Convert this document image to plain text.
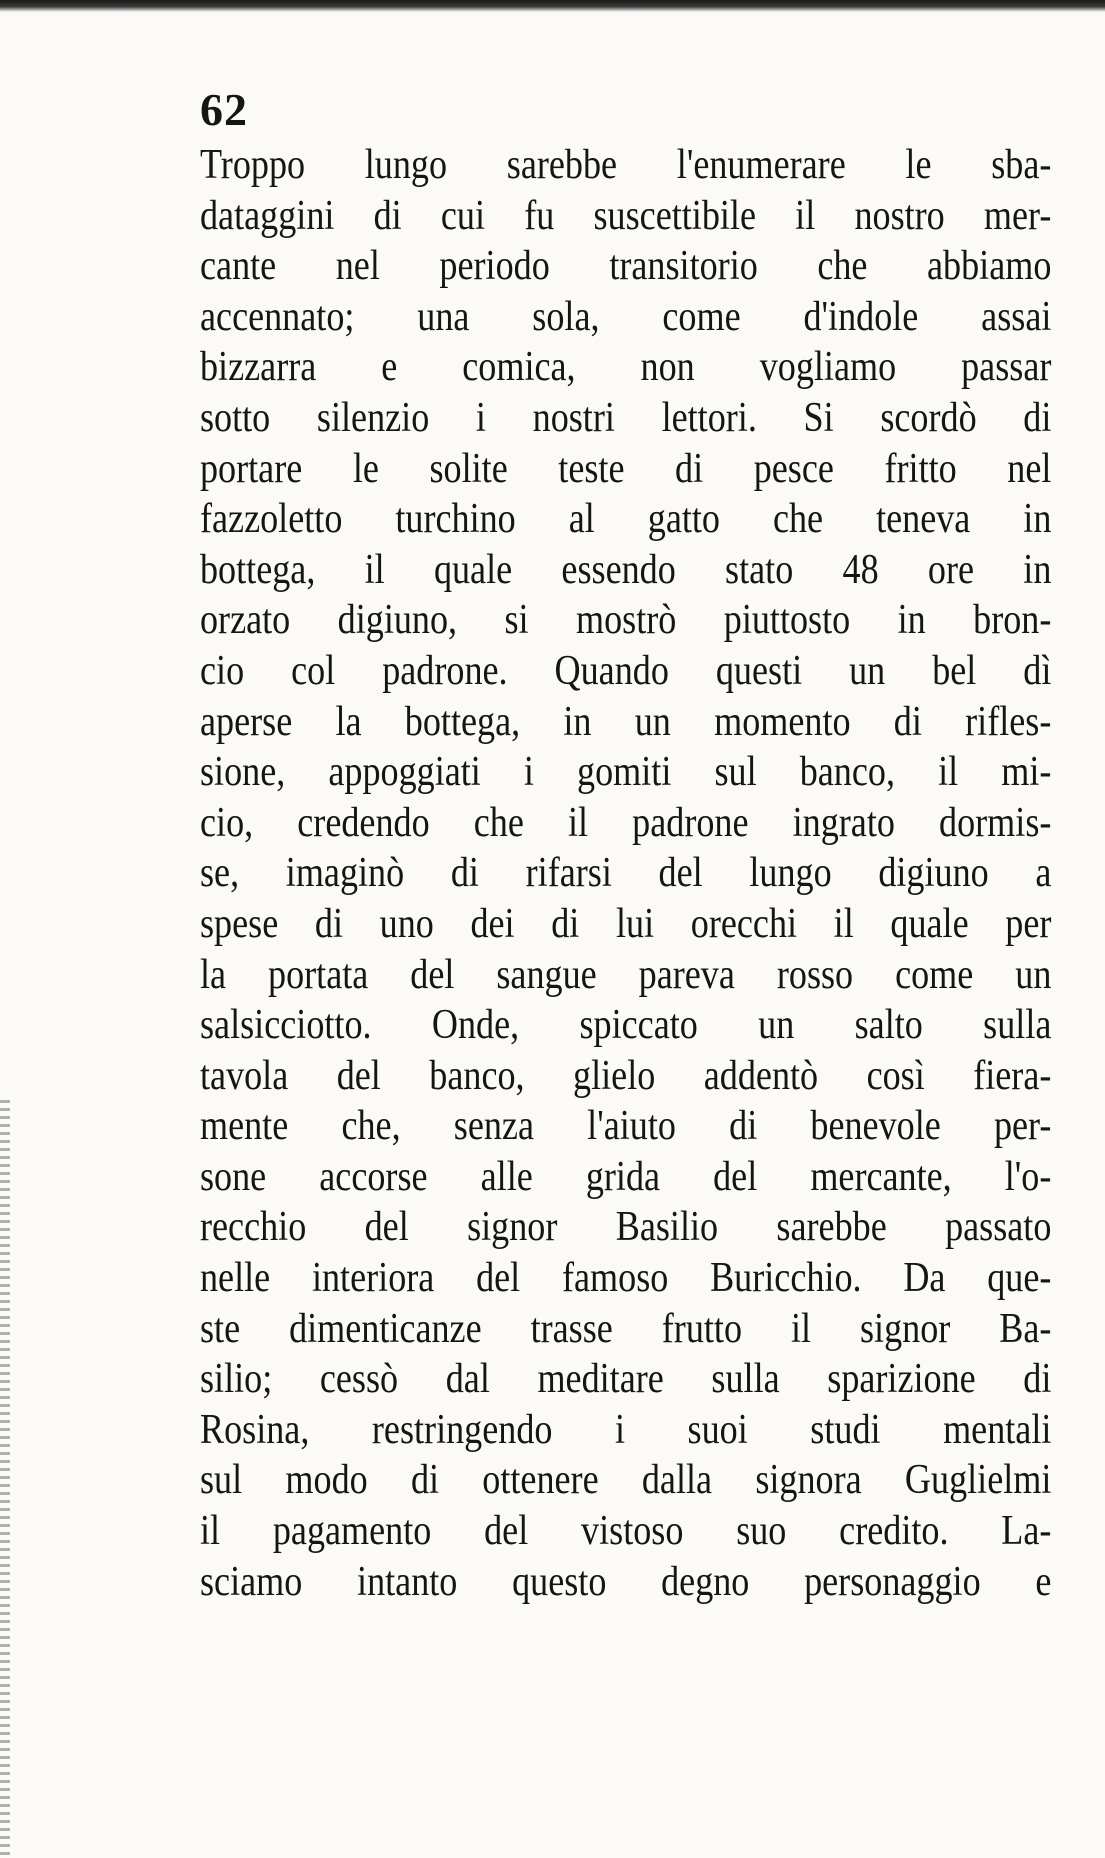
62
Troppo lungo sarebbe l'enumerare le sba-
dataggini di cui fu suscettibile il nostro mer-
cante nel periodo transitorio che abbiamo
accennato; una sola, come d'indole assai
bizzarra e comica, non vogliamo passar
sotto silenzio i nostri lettori. Si scordò di
portare le solite teste di pesce fritto nel
fazzoletto turchino al gatto che teneva in
bottega, il quale essendo stato 48 ore in
orzato digiuno, si mostrò piuttosto in bron-
cio col padrone. Quando questi un bel dì
aperse la bottega, in un momento di rifles-
sione, appoggiati i gomiti sul banco, il mi-
cio, credendo che il padrone ingrato dormis-
se, imaginò di rifarsi del lungo digiuno a
spese di uno dei di lui orecchi il quale per
la portata del sangue pareva rosso come un
salsicciotto. Onde, spiccato un salto sulla
tavola del banco, glielo addentò così fiera-
mente che, senza l'aiuto di benevole per-
sone accorse alle grida del mercante, l'o-
recchio del signor Basilio sarebbe passato
nelle interiora del famoso Buricchio. Da que-
ste dimenticanze trasse frutto il signor Ba-
silio; cessò dal meditare sulla sparizione di
Rosina, restringendo i suoi studi mentali
sul modo di ottenere dalla signora Guglielmi
il pagamento del vistoso suo credito. La-
sciamo intanto questo degno personaggio e
